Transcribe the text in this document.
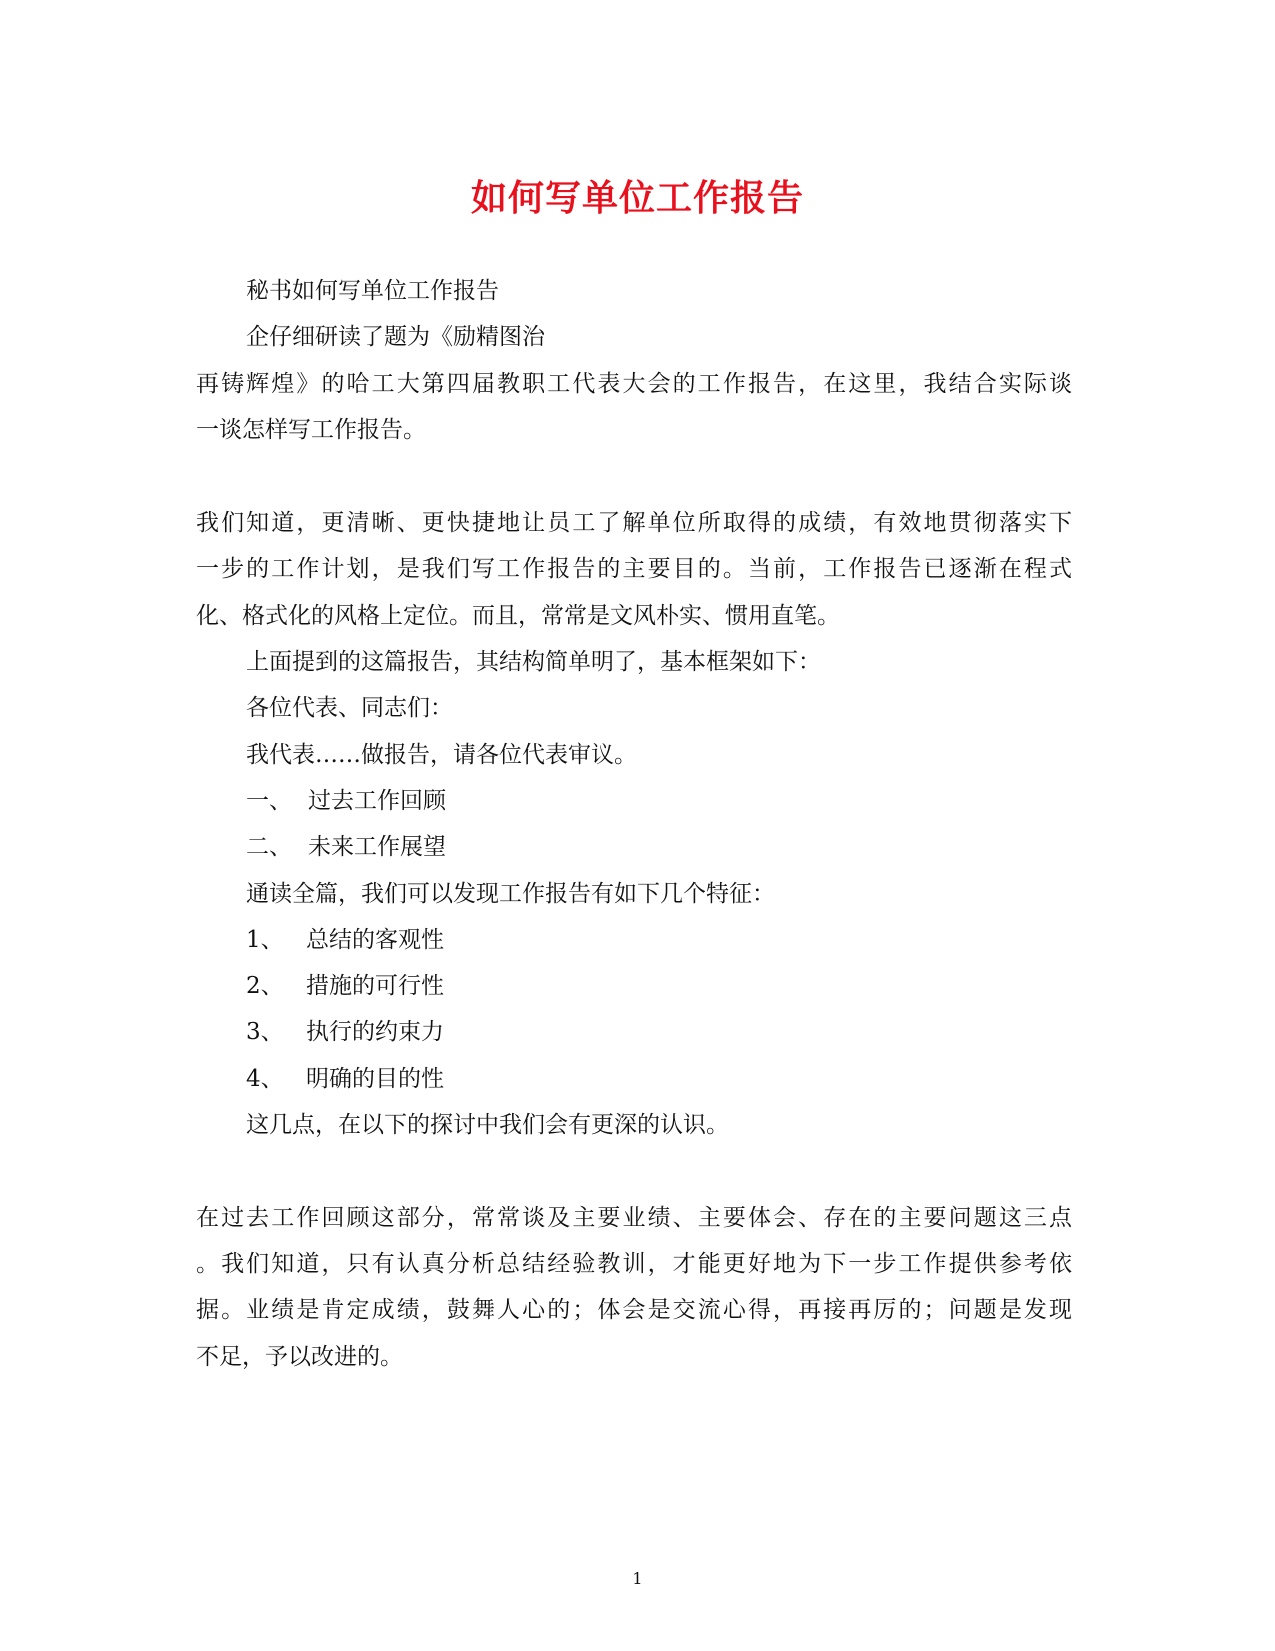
如何写单位工作报告
秘书如何写单位工作报告
企仔细研读了题为《励精图治
再铸辉煌》的哈工大第四届教职工代表大会的工作报告，在这里，我结合实际谈
一谈怎样写工作报告。
我们知道，更清晰、更快捷地让员工了解单位所取得的成绩，有效地贯彻落实下
一步的工作计划，是我们写工作报告的主要目的。当前，工作报告已逐渐在程式
化、格式化的风格上定位。而且，常常是文风朴实、惯用直笔。
上面提到的这篇报告，其结构简单明了，基本框架如下：
各位代表、同志们：
我代表……做报告，请各位代表审议。
一、 过去工作回顾
二、 未来工作展望
通读全篇，我们可以发现工作报告有如下几个特征：
1、 总结的客观性
2、 措施的可行性
3、 执行的约束力
4、 明确的目的性
这几点，在以下的探讨中我们会有更深的认识。
在过去工作回顾这部分，常常谈及主要业绩、主要体会、存在的主要问题这三点
。我们知道，只有认真分析总结经验教训，才能更好地为下一步工作提供参考依
据。业绩是肯定成绩，鼓舞人心的；体会是交流心得，再接再厉的；问题是发现
不足，予以改进的。
1
